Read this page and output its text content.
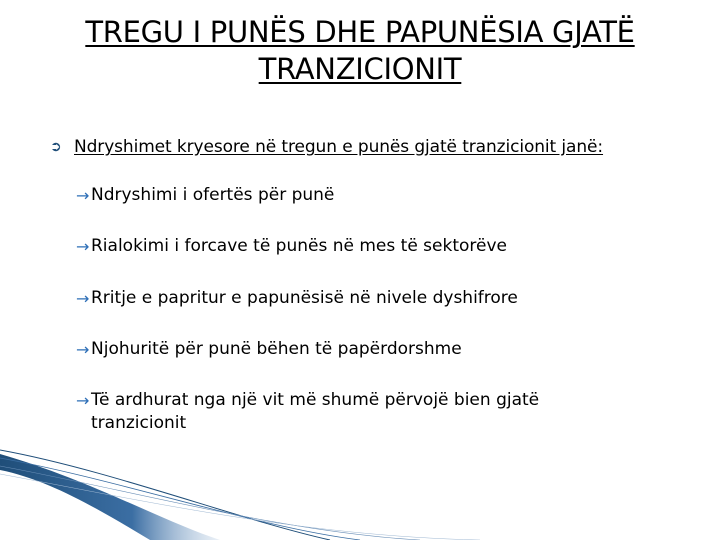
TREGU I PUNËS DHE PAPUNËSIA GJATË TRANZICIONIT
➲ Ndryshimet kryesore në tregun e punës gjatë tranzicionit janë:
→ Ndryshimi i ofertës për punë
→ Rialokimi i forcave të punës në mes të sektorëve
→ Rritje e papritur e papunësisë në nivele dyshifrore
→ Njohuritë për punë bëhen të papërdorshme
→ Të ardhurat nga një vit më shumë përvojë bien gjatë tranzicionit
